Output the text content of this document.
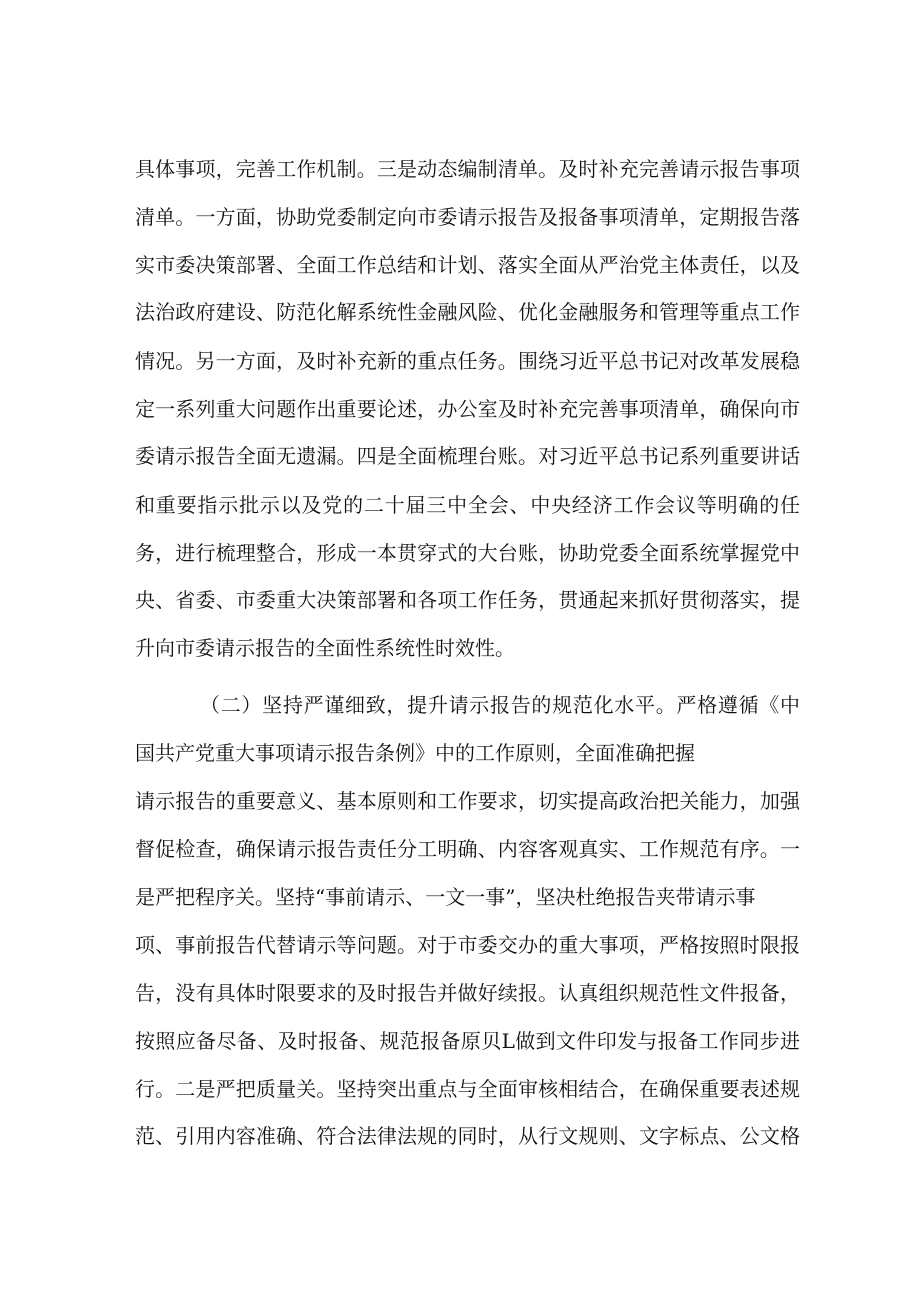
具体事项，完善工作机制。三是动态编制清单。及时补充完善请示报告事项
清单。一方面，协助党委制定向市委请示报告及报备事项清单，定期报告落
实市委决策部署、全面工作总结和计划、落实全面从严治党主体责任，以及
法治政府建设、防范化解系统性金融风险、优化金融服务和管理等重点工作
情况。另一方面，及时补充新的重点任务。围绕习近平总书记对改革发展稳
定一系列重大问题作出重要论述，办公室及时补充完善事项清单，确保向市
委请示报告全面无遗漏。四是全面梳理台账。对习近平总书记系列重要讲话
和重要指示批示以及党的二十届三中全会、中央经济工作会议等明确的任
务，进行梳理整合，形成一本贯穿式的大台账，协助党委全面系统掌握党中
央、省委、市委重大决策部署和各项工作任务，贯通起来抓好贯彻落实，提
升向市委请示报告的全面性系统性时效性。
（二）坚持严谨细致，提升请示报告的规范化水平。严格遵循《中
国共产党重大事项请示报告条例》中的工作原则，全面准确把握
请示报告的重要意义、基本原则和工作要求，切实提高政治把关能力，加强
督促检查，确保请示报告责任分工明确、内容客观真实、工作规范有序。一
是严把程序关。坚持“事前请示、一文一事”，坚决杜绝报告夹带请示事
项、事前报告代替请示等问题。对于市委交办的重大事项，严格按照时限报
告，没有具体时限要求的及时报告并做好续报。认真组织规范性文件报备，
按照应备尽备、及时报备、规范报备原贝L做到文件印发与报备工作同步进
行。二是严把质量关。坚持突出重点与全面审核相结合，在确保重要表述规
范、引用内容准确、符合法律法规的同时，从行文规则、文字标点、公文格
